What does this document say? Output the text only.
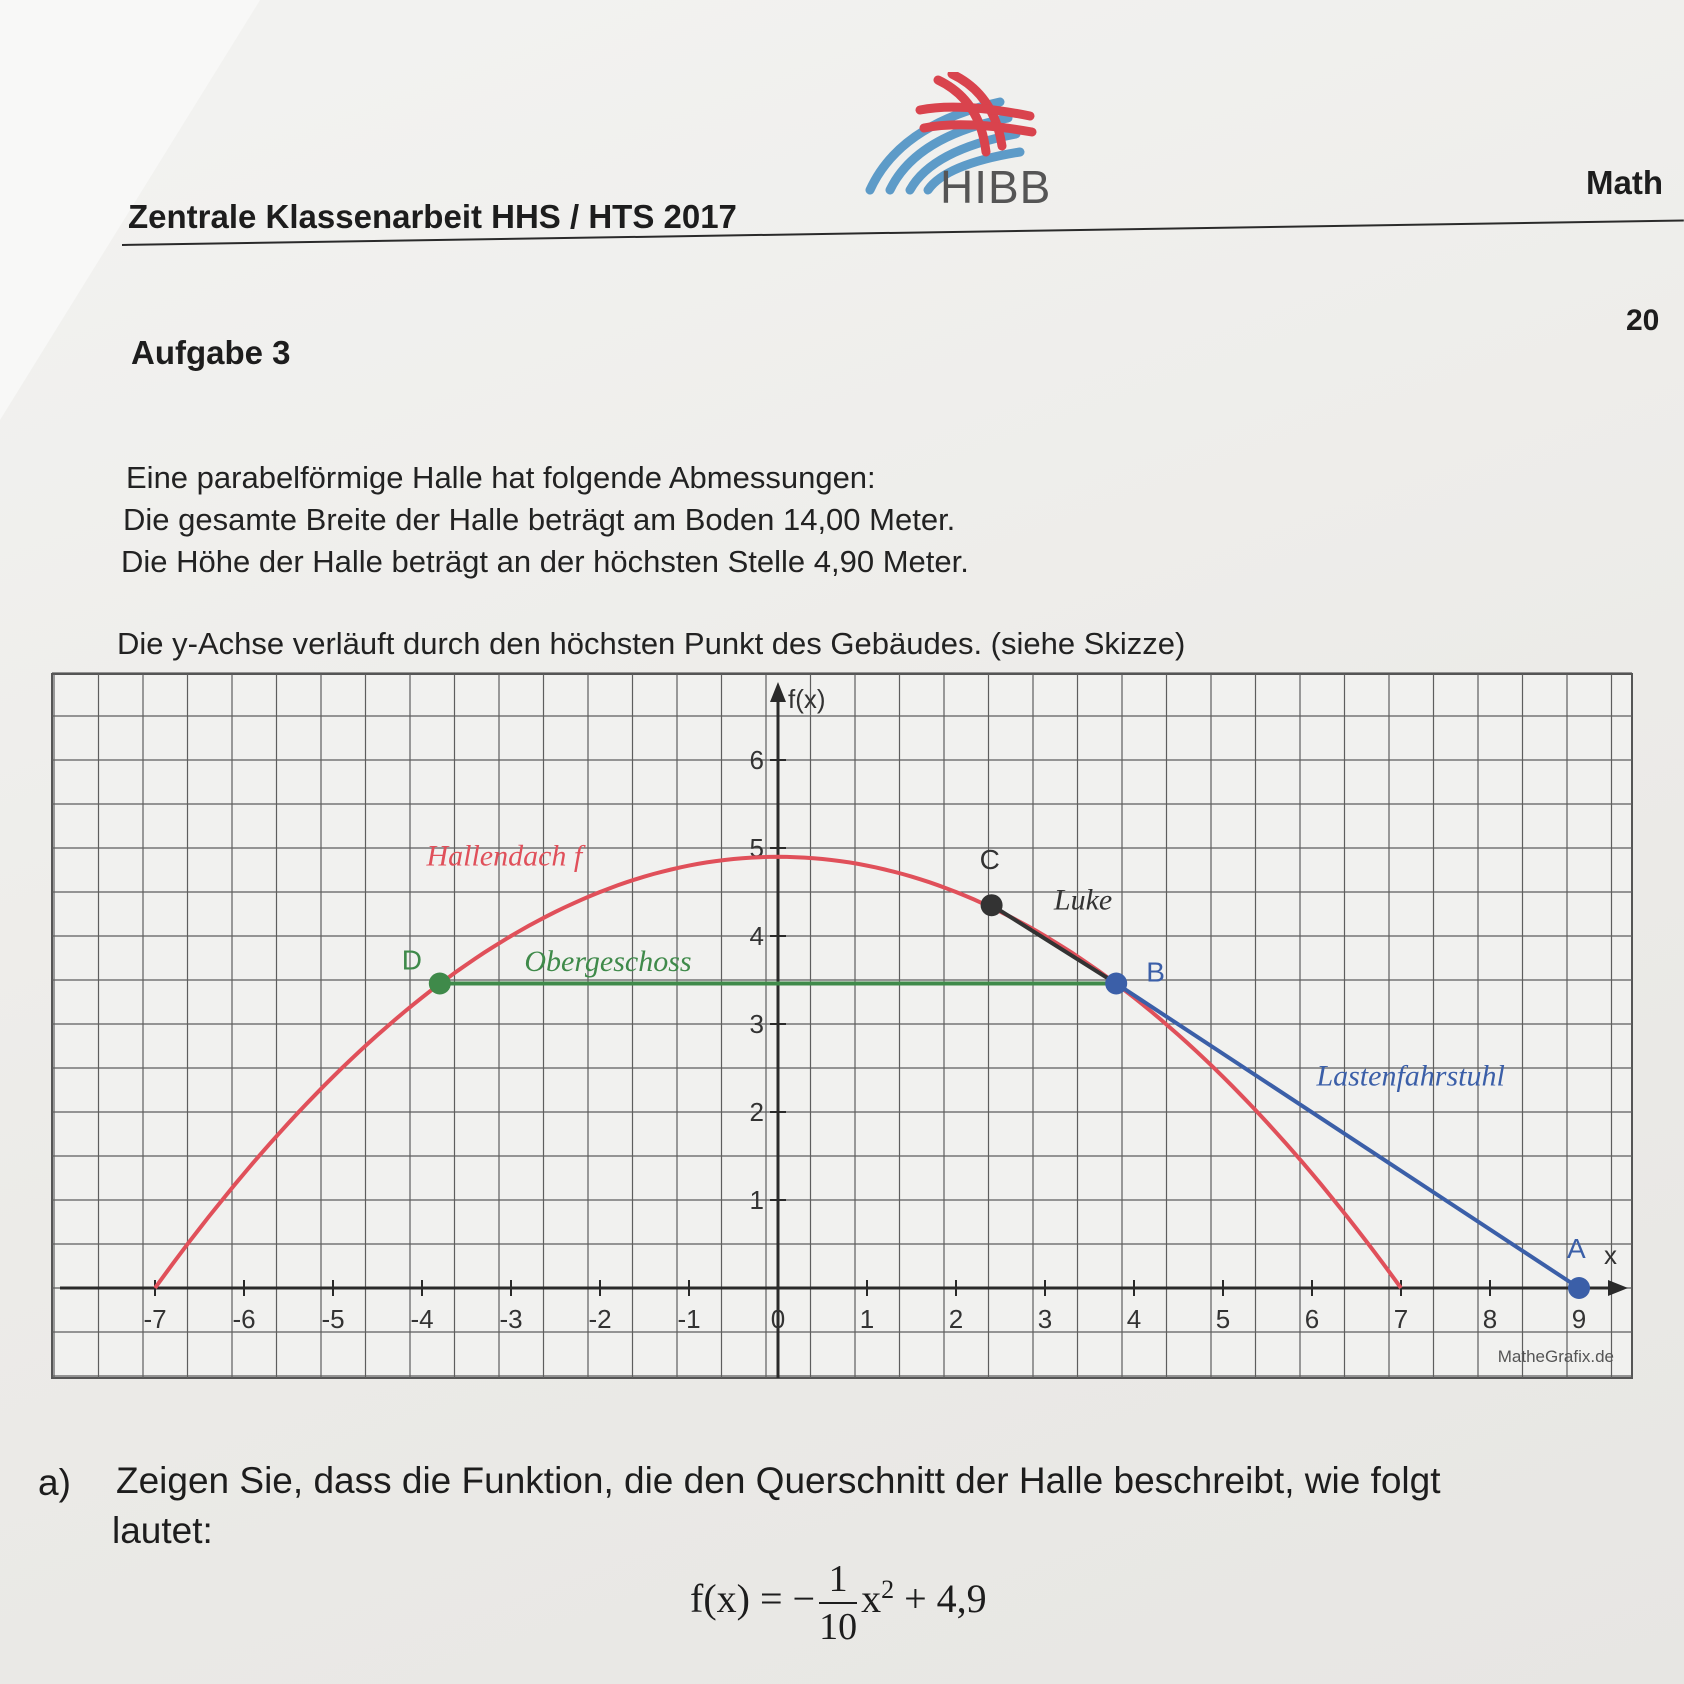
HIBB
Zentrale Klassenarbeit HHS / HTS 2017
Math
20
Aufgabe 3
Eine parabelförmige Halle hat folgende Abmessungen:
Die gesamte Breite der Halle beträgt am Boden 14,00 Meter.
Die Höhe der Halle beträgt an der höchsten Stelle 4,90 Meter.
Die y-Achse verläuft durch den höchsten Punkt des Gebäudes. (siehe Skizze)
x
f(x)
-7	-6	-5	-4	-3	-2	-1	0	1	2	3	4	5	6	7	8	9
1
2
3
4
5
6
Hallendach f
Obergeschoss
Luke
Lastenfahrstuhl
A
B
C
D
MatheGrafix.de
a) Zeigen Sie, dass die Funktion, die den Querschnitt der Halle beschreibt, wie folgt
lautet:
f(x) = − $\frac{1}{10} x^2 + 4,9$
